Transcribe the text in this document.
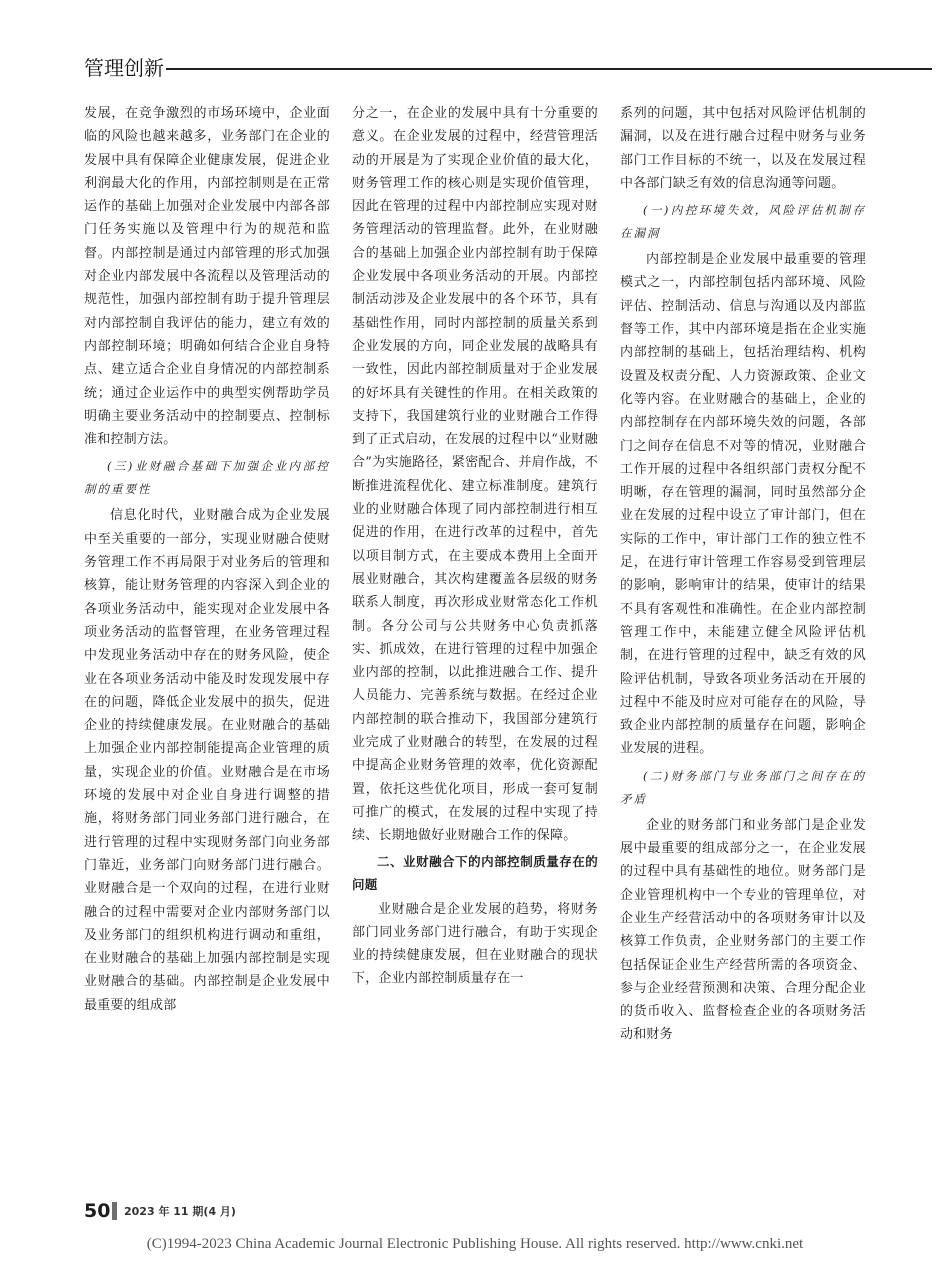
管理创新

发展，在竞争激烈的市场环境中，企业面临的风险也越来越多，业务部门在企业的发展中具有保障企业健康发展，促进企业利润最大化的作用，内部控制则是在正常运作的基础上加强对企业发展中内部各部门任务实施以及管理中行为的规范和监督。内部控制是通过内部管理的形式加强对企业内部发展中各流程以及管理活动的规范性，加强内部控制有助于提升管理层对内部控制自我评估的能力，建立有效的内部控制环境；明确如何结合企业自身特点、建立适合企业自身情况的内部控制系统；通过企业运作中的典型实例帮助学员明确主要业务活动中的控制要点、控制标准和控制方法。

(三)业财融合基础下加强企业内部控制的重要性

信息化时代，业财融合成为企业发展中至关重要的一部分，实现业财融合使财务管理工作不再局限于对业务后的管理和核算，能让财务管理的内容深入到企业的各项业务活动中，能实现对企业发展中各项业务活动的监督管理，在业务管理过程中发现业务活动中存在的财务风险，使企业在各项业务活动中能及时发现发展中存在的问题，降低企业发展中的损失，促进企业的持续健康发展。在业财融合的基础上加强企业内部控制能提高企业管理的质量，实现企业的价值。业财融合是在市场环境的发展中对企业自身进行调整的措施，将财务部门同业务部门进行融合，在进行管理的过程中实现财务部门向业务部门靠近，业务部门向财务部门进行融合。业财融合是一个双向的过程，在进行业财融合的过程中需要对企业内部财务部门以及业务部门的组织机构进行调动和重组，在业财融合的基础上加强内部控制是实现业财融合的基础。内部控制是企业发展中最重要的组成部

分之一，在企业的发展中具有十分重要的意义。在企业发展的过程中，经营管理活动的开展是为了实现企业价值的最大化，财务管理工作的核心则是实现价值管理，因此在管理的过程中内部控制应实现对财务管理活动的管理监督。此外，在业财融合的基础上加强企业内部控制有助于保障企业发展中各项业务活动的开展。内部控制活动涉及企业发展中的各个环节，具有基础性作用，同时内部控制的质量关系到企业发展的方向，同企业发展的战略具有一致性，因此内部控制质量对于企业发展的好坏具有关键性的作用。在相关政策的支持下，我国建筑行业的业财融合工作得到了正式启动，在发展的过程中以“业财融合”为实施路径，紧密配合、并肩作战，不断推进流程优化、建立标准制度。建筑行业的业财融合体现了同内部控制进行相互促进的作用，在进行改革的过程中，首先以项目制方式，在主要成本费用上全面开展业财融合，其次构建覆盖各层级的财务联系人制度，再次形成业财常态化工作机制。各分公司与公共财务中心负责抓落实、抓成效，在进行管理的过程中加强企业内部的控制，以此推进融合工作、提升人员能力、完善系统与数据。在经过企业内部控制的联合推动下，我国部分建筑行业完成了业财融合的转型，在发展的过程中提高企业财务管理的效率，优化资源配置，依托这些优化项目，形成一套可复制可推广的模式，在发展的过程中实现了持续、长期地做好业财融合工作的保障。

二、业财融合下的内部控制质量存在的问题

业财融合是企业发展的趋势，将财务部门同业务部门进行融合，有助于实现企业的持续健康发展，但在业财融合的现状下，企业内部控制质量存在一

系列的问题，其中包括对风险评估机制的漏洞，以及在进行融合过程中财务与业务部门工作目标的不统一，以及在发展过程中各部门缺乏有效的信息沟通等问题。

(一)内控环境失效，风险评估机制存在漏洞

内部控制是企业发展中最重要的管理模式之一，内部控制包括内部环境、风险评估、控制活动、信息与沟通以及内部监督等工作，其中内部环境是指在企业实施内部控制的基础上，包括治理结构、机构设置及权责分配、人力资源政策、企业文化等内容。在业财融合的基础上，企业的内部控制存在内部环境失效的问题，各部门之间存在信息不对等的情况，业财融合工作开展的过程中各组织部门责权分配不明晰，存在管理的漏洞，同时虽然部分企业在发展的过程中设立了审计部门，但在实际的工作中，审计部门工作的独立性不足，在进行审计管理工作容易受到管理层的影响，影响审计的结果，使审计的结果不具有客观性和准确性。在企业内部控制管理工作中，未能建立健全风险评估机制，在进行管理的过程中，缺乏有效的风险评估机制，导致各项业务活动在开展的过程中不能及时应对可能存在的风险，导致企业内部控制的质量存在问题，影响企业发展的进程。

(二)财务部门与业务部门之间存在的矛盾

企业的财务部门和业务部门是企业发展中最重要的组成部分之一，在企业发展的过程中具有基础性的地位。财务部门是企业管理机构中一个专业的管理单位，对企业生产经营活动中的各项财务审计以及核算工作负责，企业财务部门的主要工作包括保证企业生产经营所需的各项资金、参与企业经营预测和决策、合理分配企业的货币收入、监督检查企业的各项财务活动和财务

50 2023 年 11 期(4 月)
(C)1994-2023 China Academic Journal Electronic Publishing House. All rights reserved. http://www.cnki.net
